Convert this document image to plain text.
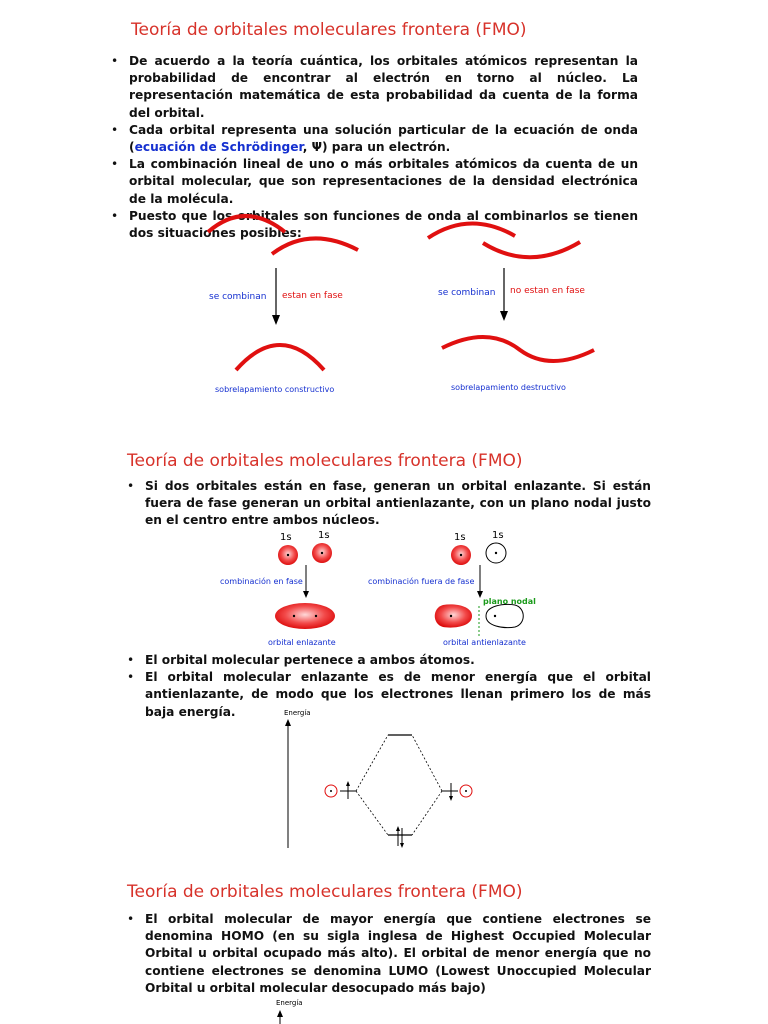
Teoría de orbitales moleculares frontera (FMO)
• De acuerdo a la teoría cuántica, los orbitales atómicos representan la probabilidad de encontrar al electrón en torno al núcleo. La representación matemática de esta probabilidad da cuenta de la forma del orbital.
• Cada orbital representa una solución particular de la ecuación de onda (ecuación de Schrödinger, Ψ) para un electrón.
• La combinación lineal de uno o más orbitales atómicos da cuenta de un orbital molecular, que son representaciones de la densidad electrónica de la molécula.
• Puesto que los orbitales son funciones de onda al combinarlos se tienen dos situaciones posibles:
se combinan estan en fase
sobrelapamiento constructivo
se combinan no estan en fase
sobrelapamiento destructivo
Teoría de orbitales moleculares frontera (FMO)
• Si dos orbitales están en fase, generan un orbital enlazante. Si están fuera de fase generan un orbital antienlazante, con un plano nodal justo en el centro entre ambos núcleos.
1s	1s
combinación en fase
orbital enlazante
1s	1s
combinación fuera de fase
plano nodal
orbital antienlazante
• El orbital molecular pertenece a ambos átomos.
• El orbital molecular enlazante es de menor energía que el orbital antienlazante, de modo que los electrones llenan primero los de más baja energía.	Energía
Teoría de orbitales moleculares frontera (FMO)
• El orbital molecular de mayor energía que contiene electrones se denomina HOMO (en su sigla inglesa de Highest Occupied Molecular Orbital u orbital ocupado más alto). El orbital de menor energía que no contiene electrones se denomina LUMO (Lowest Unoccupied Molecular Orbital u orbital molecular desocupado más bajo)
Energía
